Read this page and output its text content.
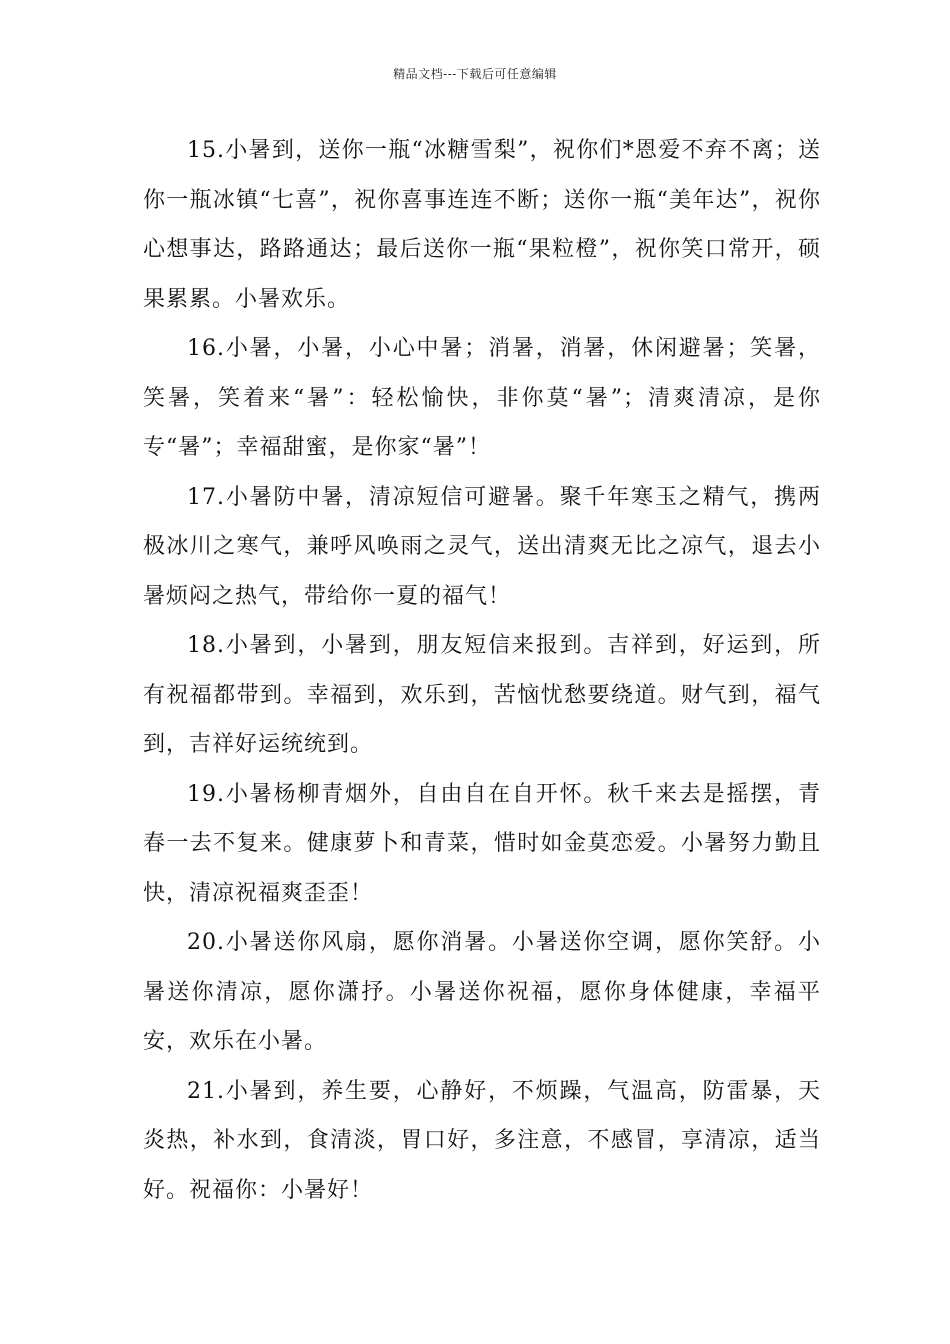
精品文档---下载后可任意编辑

15.小暑到，送你一瓶“冰糖雪梨”，祝你们*恩爱不弃不离；送你一瓶冰镇“七喜”，祝你喜事连连不断；送你一瓶“美年达”，祝你心想事达，路路通达；最后送你一瓶“果粒橙”，祝你笑口常开，硕果累累。小暑欢乐。

16.小暑，小暑，小心中暑；消暑，消暑，休闲避暑；笑暑，笑暑，笑着来“暑”：轻松愉快，非你莫“暑”；清爽清凉，是你专“暑”；幸福甜蜜，是你家“暑”！

17.小暑防中暑，清凉短信可避暑。聚千年寒玉之精气，携两极冰川之寒气，兼呼风唤雨之灵气，送出清爽无比之凉气，退去小暑烦闷之热气，带给你一夏的福气！

18.小暑到，小暑到，朋友短信来报到。吉祥到，好运到，所有祝福都带到。幸福到，欢乐到，苦恼忧愁要绕道。财气到，福气到，吉祥好运统统到。

19.小暑杨柳青烟外，自由自在自开怀。秋千来去是摇摆，青春一去不复来。健康萝卜和青菜，惜时如金莫恋爱。小暑努力勤且快，清凉祝福爽歪歪！

20.小暑送你风扇，愿你消暑。小暑送你空调，愿你笑舒。小暑送你清凉，愿你潇抒。小暑送你祝福，愿你身体健康，幸福平安，欢乐在小暑。

21.小暑到，养生要，心静好，不烦躁，气温高，防雷暴，天炎热，补水到，食清淡，胃口好，多注意，不感冒，享清凉，适当好。祝福你：小暑好！
